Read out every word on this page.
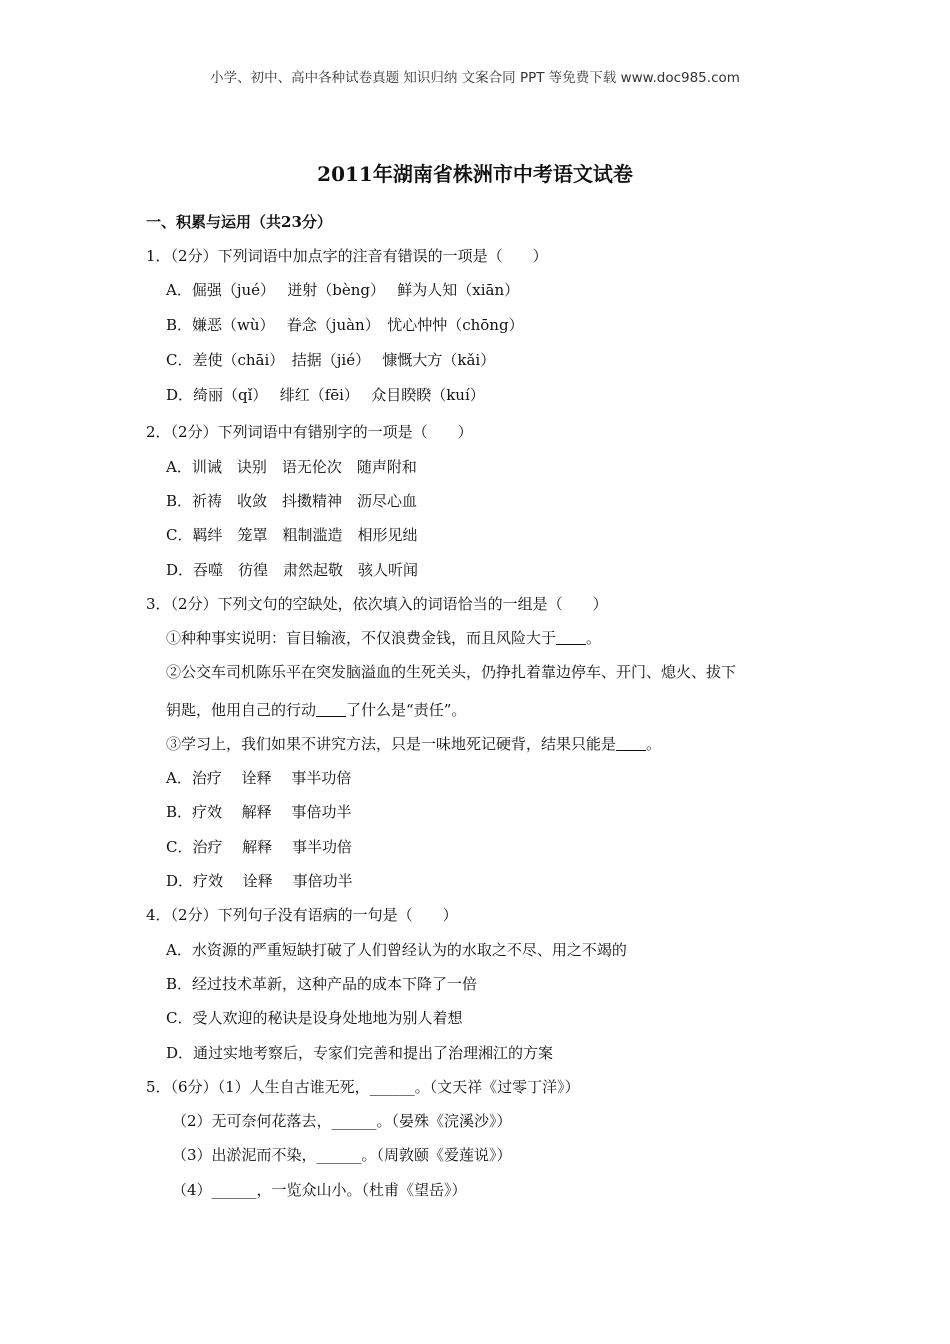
小学、初中、高中各种试卷真题 知识归纳 文案合同 PPT 等免费下载 www.doc985.com
2011年湖南省株洲市中考语文试卷
一、积累与运用（共23分）
1．（2分）下列词语中加点字的注音有错误的一项是（　　）
A．倔强（jué）　 迸射（bèng）　 鲜为人知（xiān）
B．嫌恶（wù）　 眷念（juàn）　忧心忡忡（chōng）
C．差使（chāi）　拮据（jié）　 慷慨大方（kǎi）
D．绮丽（qǐ）　 绯红（fēi）　 众目睽睽（kuí）
2．（2分）下列词语中有错别字的一项是（　　）
A．训诫　诀别　语无伦次　随声附和
B．祈祷　收敛　抖擞精神　沥尽心血
C．羁绊　笼罩　粗制滥造　相形见绌
D．吞噬　彷徨　肃然起敬　骇人听闻
3．（2分）下列文句的空缺处，依次填入的词语恰当的一组是（　　）
①种种事实说明：盲目输液，不仅浪费金钱，而且风险大于　　 。
②公交车司机陈乐平在突发脑溢血的生死关头，仍挣扎着靠边停车、开门、熄火、拔下
钥匙，他用自己的行动　　 了什么是“责任”。
③学习上，我们如果不讲究方法，只是一味地死记硬背，结果只能是　　 。
A．治疗　 诠释　 事半功倍
B．疗效　 解释　 事倍功半
C．治疗　 解释　 事半功倍
D．疗效　 诠释　 事倍功半
4．（2分）下列句子没有语病的一句是（　　）
A．水资源的严重短缺打破了人们曾经认为的水取之不尽、用之不竭的
B．经过技术革新，这种产品的成本下降了一倍
C．受人欢迎的秘诀是设身处地地为别人着想
D．通过实地考察后，专家们完善和提出了治理湘江的方案
5．（6分）（1）人生自古谁无死，______。（文天祥《过零丁洋》）
（2）无可奈何花落去，______。（晏殊《浣溪沙》）
（3）出淤泥而不染，______。（周敦颐《爱莲说》）
（4）______，一览众山小。（杜甫《望岳》）
